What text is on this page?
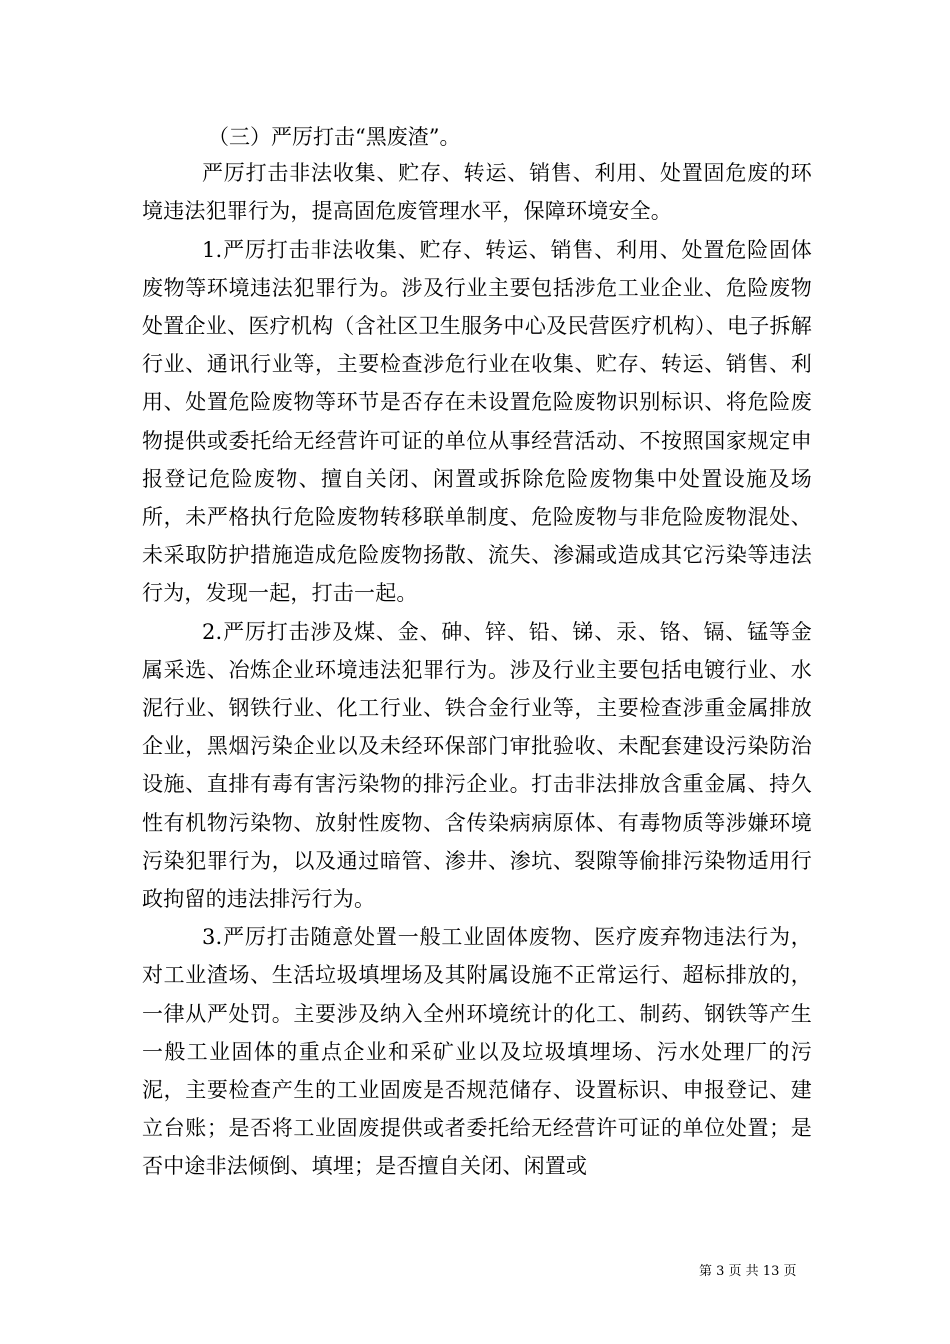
（三）严厉打击“黑废渣”。

严厉打击非法收集、贮存、转运、销售、利用、处置固危废的环境违法犯罪行为，提高固危废管理水平，保障环境安全。

1.严厉打击非法收集、贮存、转运、销售、利用、处置危险固体废物等环境违法犯罪行为。涉及行业主要包括涉危工业企业、危险废物处置企业、医疗机构（含社区卫生服务中心及民营医疗机构）、电子拆解行业、通讯行业等，主要检查涉危行业在收集、贮存、转运、销售、利用、处置危险废物等环节是否存在未设置危险废物识别标识、将危险废物提供或委托给无经营许可证的单位从事经营活动、不按照国家规定申报登记危险废物、擅自关闭、闲置或拆除危险废物集中处置设施及场所，未严格执行危险废物转移联单制度、危险废物与非危险废物混处、未采取防护措施造成危险废物扬散、流失、渗漏或造成其它污染等违法行为，发现一起，打击一起。

2.严厉打击涉及煤、金、砷、锌、铅、锑、汞、铬、镉、锰等金属采选、冶炼企业环境违法犯罪行为。涉及行业主要包括电镀行业、水泥行业、钢铁行业、化工行业、铁合金行业等，主要检查涉重金属排放企业，黑烟污染企业以及未经环保部门审批验收、未配套建设污染防治设施、直排有毒有害污染物的排污企业。打击非法排放含重金属、持久性有机物污染物、放射性废物、含传染病病原体、有毒物质等涉嫌环境污染犯罪行为，以及通过暗管、渗井、渗坑、裂隙等偷排污染物适用行政拘留的违法排污行为。

3.严厉打击随意处置一般工业固体废物、医疗废弃物违法行为，对工业渣场、生活垃圾填埋场及其附属设施不正常运行、超标排放的，一律从严处罚。主要涉及纳入全州环境统计的化工、制药、钢铁等产生一般工业固体的重点企业和采矿业以及垃圾填埋场、污水处理厂的污泥，主要检查产生的工业固废是否规范储存、设置标识、申报登记、建立台账；是否将工业固废提供或者委托给无经营许可证的单位处置；是否中途非法倾倒、填埋；是否擅自关闭、闲置或

第 3 页 共 13 页
